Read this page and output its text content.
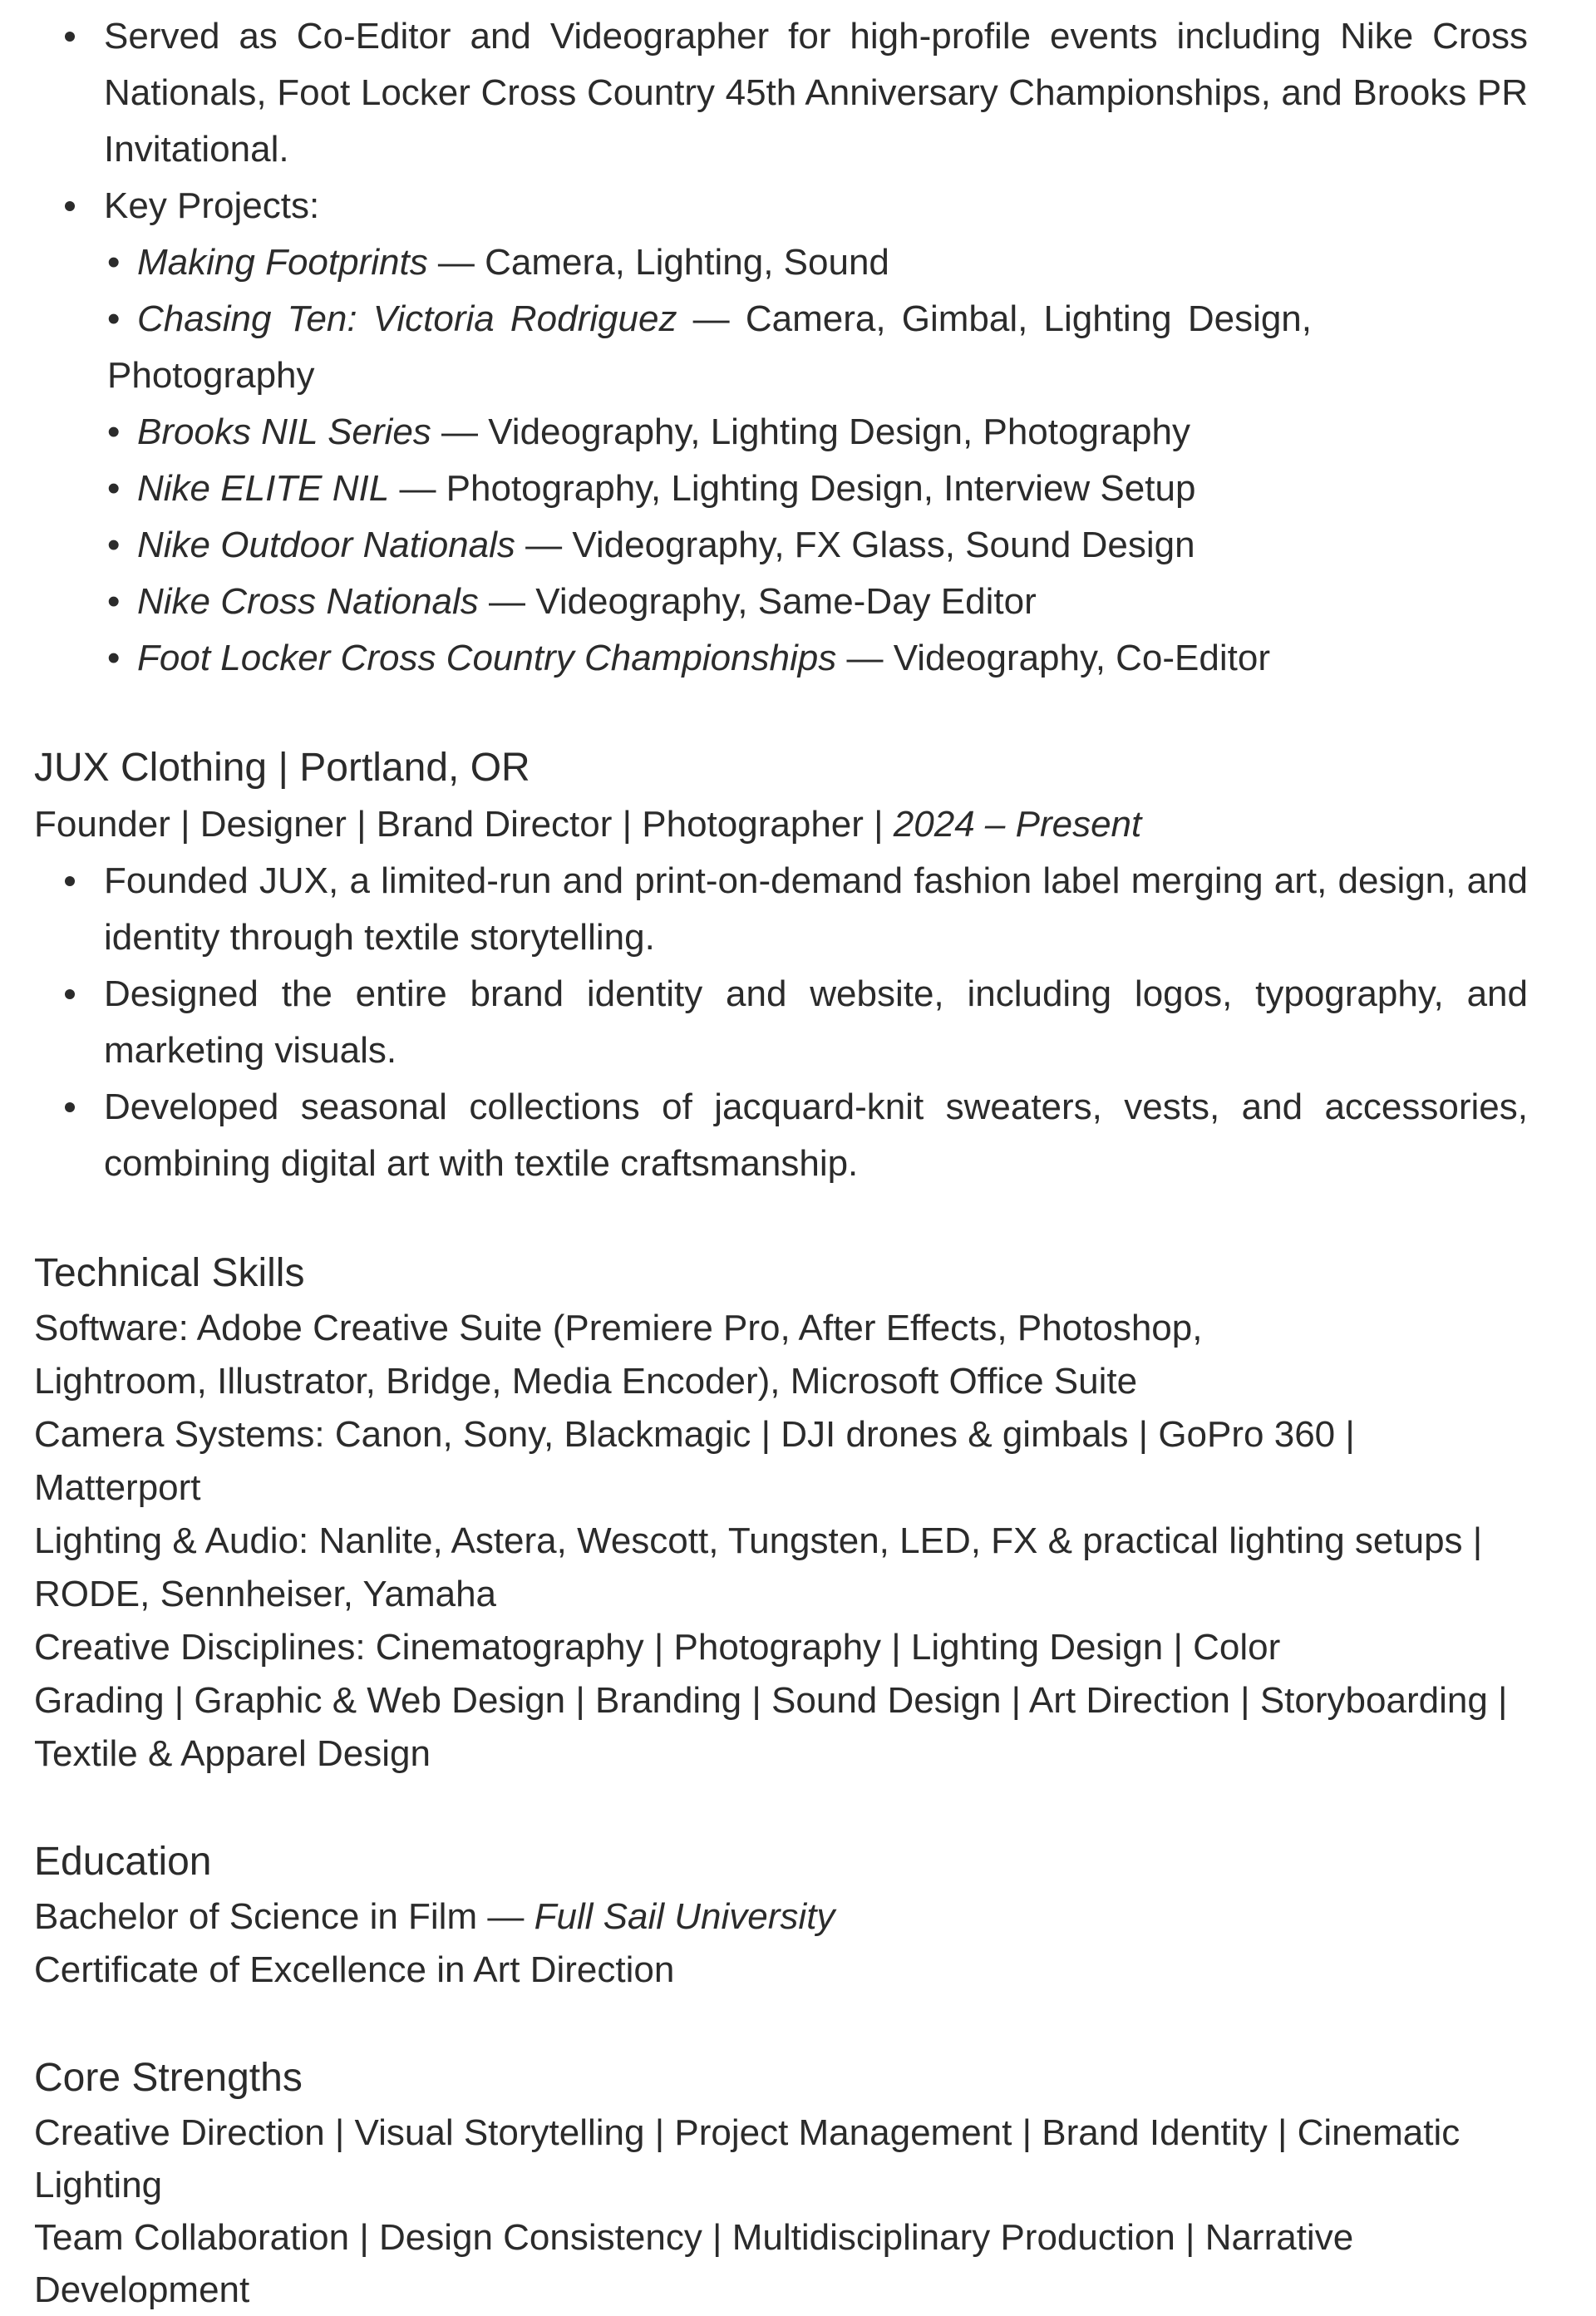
Served as Co-Editor and Videographer for high-profile events including Nike Cross Nationals, Foot Locker Cross Country 45th Anniversary Championships, and Brooks PR Invitational.
Key Projects:
• Making Footprints — Camera, Lighting, Sound
• Chasing Ten: Victoria Rodriguez — Camera, Gimbal, Lighting Design, Photography
• Brooks NIL Series — Videography, Lighting Design, Photography
• Nike ELITE NIL — Photography, Lighting Design, Interview Setup
• Nike Outdoor Nationals — Videography, FX Glass, Sound Design
• Nike Cross Nationals — Videography, Same-Day Editor
• Foot Locker Cross Country Championships — Videography, Co-Editor
JUX Clothing | Portland, OR

Founder | Designer | Brand Director | Photographer | 2024 – Present

Founded JUX, a limited-run and print-on-demand fashion label merging art, design, and identity through textile storytelling.
Designed the entire brand identity and website, including logos, typography, and marketing visuals.
Developed seasonal collections of jacquard-knit sweaters, vests, and accessories, combining digital art with textile craftsmanship.
Technical Skills
Software: Adobe Creative Suite (Premiere Pro, After Effects, Photoshop,
Lightroom, Illustrator, Bridge, Media Encoder), Microsoft Office Suite
Camera Systems: Canon, Sony, Blackmagic | DJI drones & gimbals | GoPro 360 | Matterport
Lighting & Audio: Nanlite, Astera, Wescott, Tungsten, LED, FX & practical lighting setups |
RODE, Sennheiser, Yamaha
Creative Disciplines: Cinematography | Photography | Lighting Design | Color
Grading | Graphic & Web Design | Branding | Sound Design | Art Direction | Storyboarding |
Textile & Apparel Design
Education
Bachelor of Science in Film — Full Sail University
Certificate of Excellence in Art Direction
Core Strengths
Creative Direction | Visual Storytelling | Project Management | Brand Identity | Cinematic
Lighting
Team Collaboration | Design Consistency | Multidisciplinary Production | Narrative
Development
